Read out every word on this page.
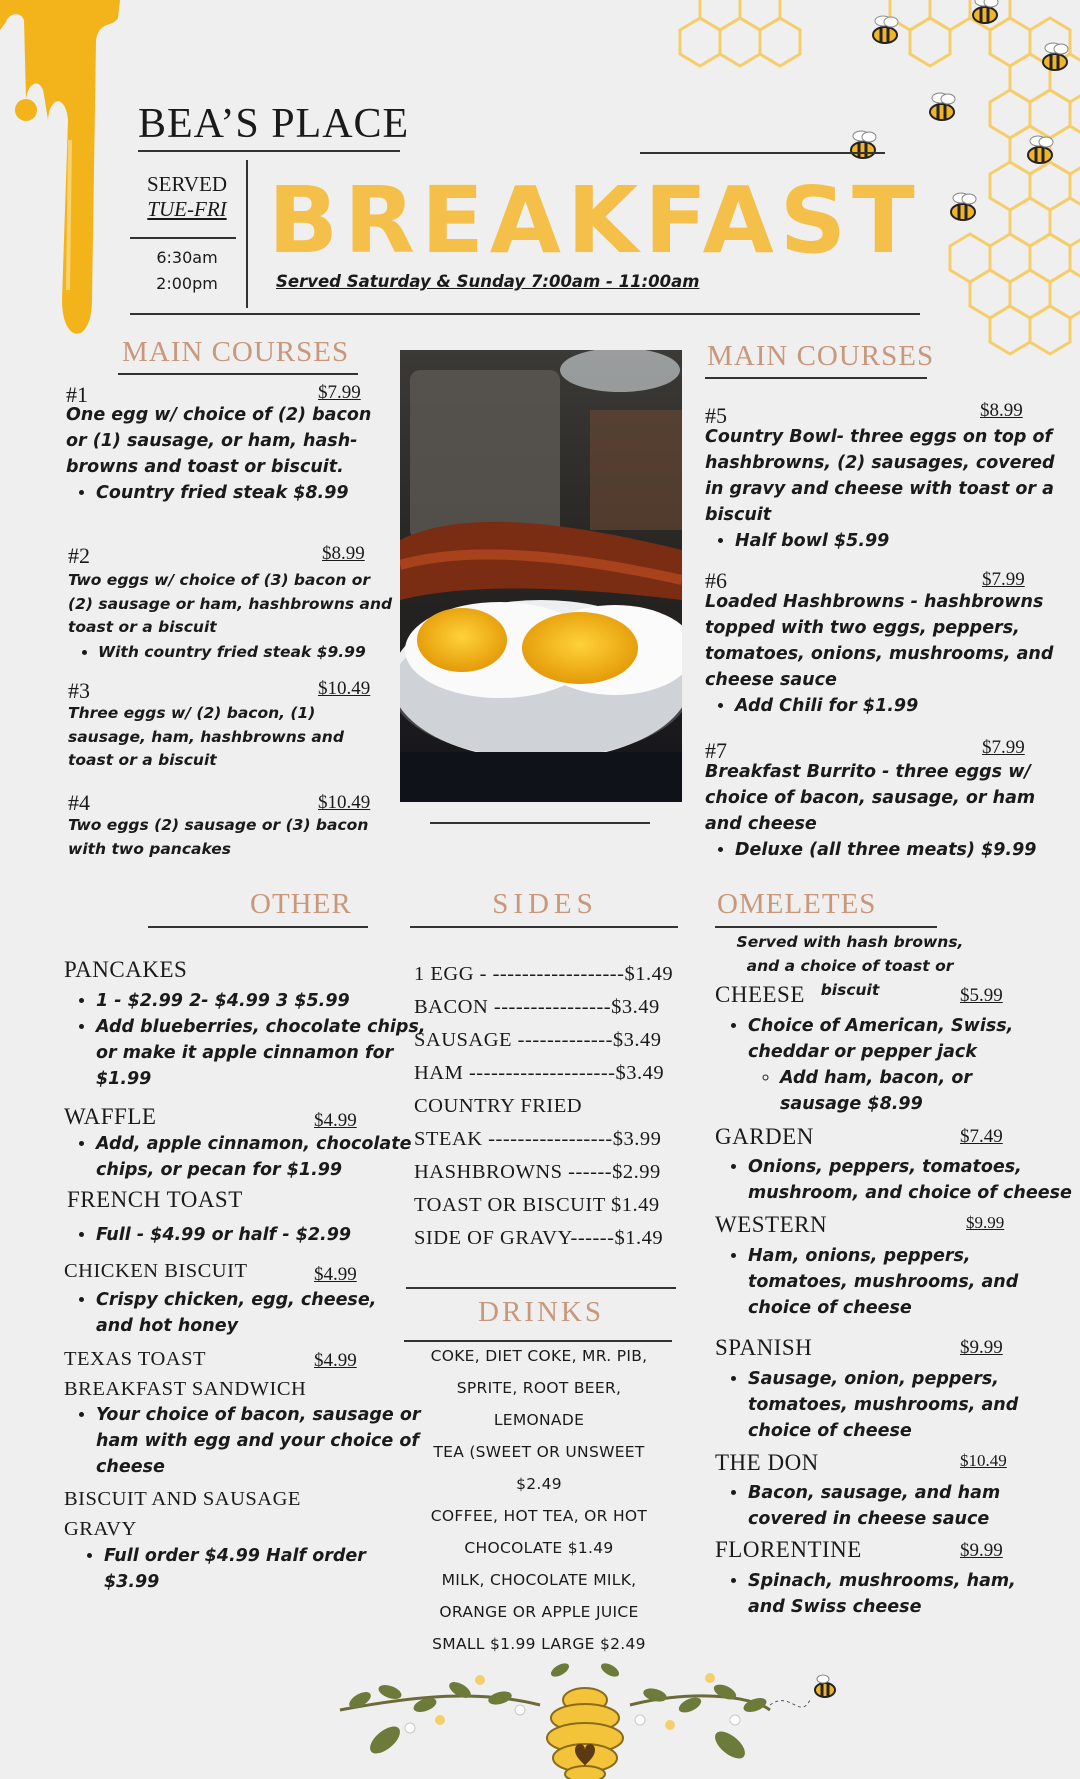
BEA’S PLACE
SERVED
TUE-FRI
6:30am
2:00pm
BREAKFAST
Served Saturday & Sunday 7:00am - 11:00am
MAIN COURSES
#1
One egg w/ choice of (2) bacon or (1) sausage, or ham, hash-browns and toast or biscuit.
• Country fried steak $8.99
$7.99
#2
Two eggs w/ choice of (3) bacon or (2) sausage or ham, hashbrowns and toast or a biscuit
• With country fried steak $9.99
$8.99
#3
Three eggs w/ (2) bacon, (1) sausage, ham, hashbrowns and toast or a biscuit
$10.49
#4
Two eggs (2) sausage or (3) bacon with two pancakes
$10.49
MAIN COURSES
#5
Country Bowl- three eggs on top of hashbrowns, (2) sausages, covered in gravy and cheese with toast or a biscuit
• Half bowl $5.99
$8.99
#6
Loaded Hashbrowns - hashbrowns topped with two eggs, peppers, tomatoes, onions, mushrooms, and cheese sauce
• Add Chili for $1.99
$7.99
#7
Breakfast Burrito - three eggs w/ choice of bacon, sausage, or ham and cheese
• Deluxe (all three meats) $9.99
$7.99
OTHER
PANCAKES
• 1 - $2.99 2- $4.99 3 $5.99
• Add blueberries, chocolate chips, or make it apple cinnamon for $1.99
WAFFLE	$4.99
• Add, apple cinnamon, chocolate chips, or pecan for $1.99
FRENCH TOAST
• Full - $4.99 or half - $2.99
CHICKEN BISCUIT	$4.99
• Crispy chicken, egg, cheese, and hot honey
TEXAS TOAST	$4.99
BREAKFAST SANDWICH
• Your choice of bacon, sausage or ham with egg and your choice of cheese
BISCUIT AND SAUSAGE
GRAVY
• Full order $4.99 Half order $3.99
SIDES
1 EGG - ------------------$1.49
BACON ----------------$3.49
SAUSAGE -------------$3.49
HAM --------------------$3.49
COUNTRY FRIED
STEAK -----------------$3.99
HASHBROWNS ------$2.99
TOAST OR BISCUIT $1.49
SIDE OF GRAVY------$1.49
DRINKS
COKE, DIET COKE, MR. PIB,
SPRITE, ROOT BEER,
LEMONADE
TEA (SWEET OR UNSWEET
$2.49
COFFEE, HOT TEA, OR HOT
CHOCOLATE $1.49
MILK, CHOCOLATE MILK,
ORANGE OR APPLE JUICE
SMALL $1.99 LARGE $2.49
OMELETES
Served with hash browns, and a choice of toast or biscuit
CHEESE	$5.99
• Choice of American, Swiss, cheddar or pepper jack
◦ Add ham, bacon, or sausage $8.99
GARDEN	$7.49
• Onions, peppers, tomatoes, mushroom, and choice of cheese
WESTERN	$9.99
• Ham, onions, peppers, tomatoes, mushrooms, and choice of cheese
SPANISH	$9.99
• Sausage, onion, peppers, tomatoes, mushrooms, and choice of cheese
THE DON	$10.49
• Bacon, sausage, and ham covered in cheese sauce
FLORENTINE	$9.99
• Spinach, mushrooms, ham, and Swiss cheese
